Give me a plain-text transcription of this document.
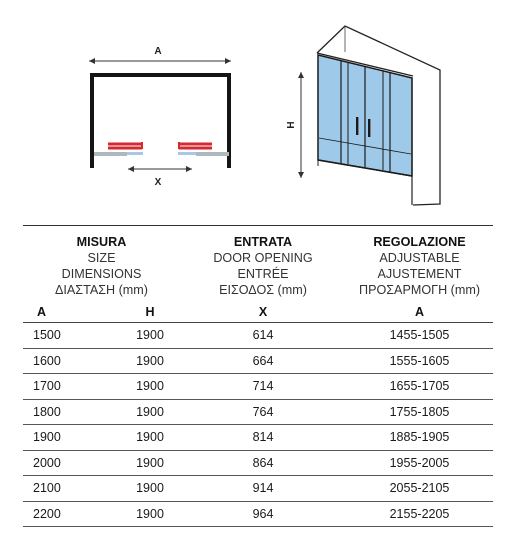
A
X
H
MISURA
SIZE
DIMENSIONS
ΔΙΑΣΤΑΣΗ (mm)
ENTRATA
DOOR OPENING
ENTRÉE
ΕΙΣΟΔΟΣ (mm)
REGOLAZIONE
ADJUSTABLE
AJUSTEMENT
ΠΡΟΣΑΡΜΟΓΗ (mm)
A	H	X	A
1500	1900	614	1455-1505
1600	1900	664	1555-1605
1700	1900	714	1655-1705
1800	1900	764	1755-1805
1900	1900	814	1885-1905
2000	1900	864	1955-2005
2100	1900	914	2055-2105
2200	1900	964	2155-2205
